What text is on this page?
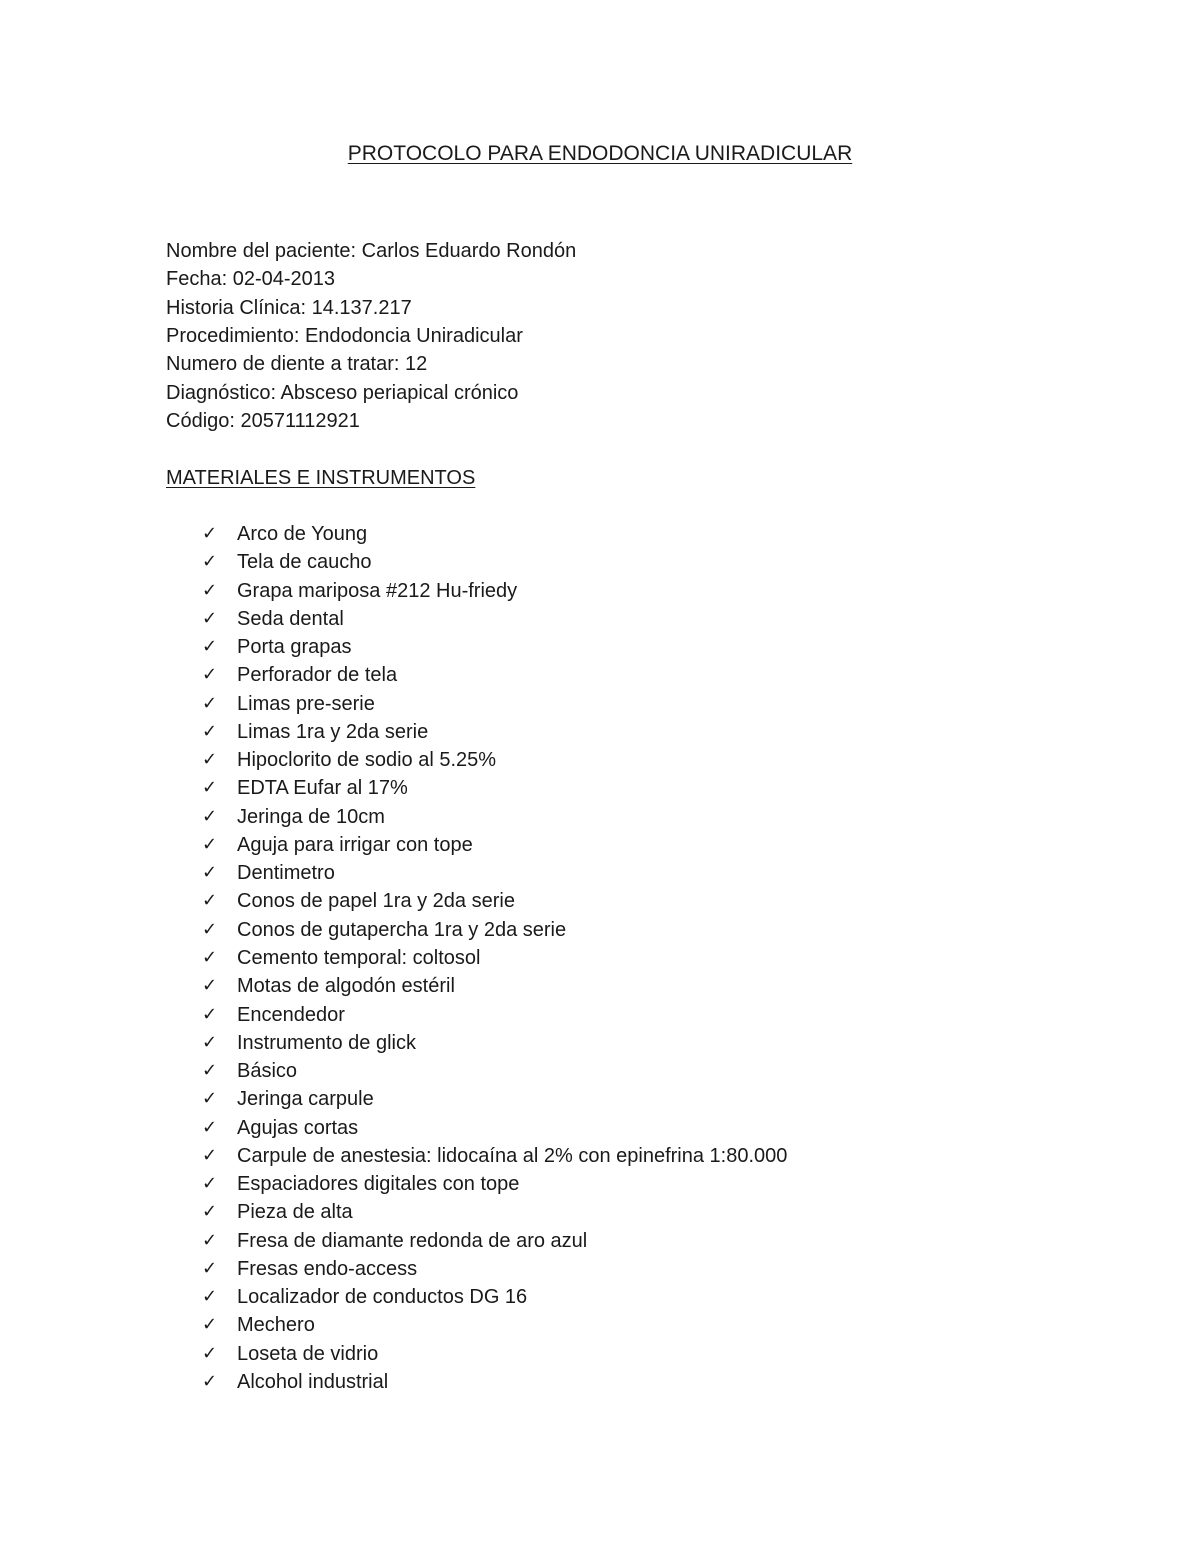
PROTOCOLO PARA ENDODONCIA UNIRADICULAR
Nombre del paciente: Carlos Eduardo Rondón
Fecha: 02-04-2013
Historia Clínica: 14.137.217
Procedimiento: Endodoncia Uniradicular
Numero de diente a tratar: 12
Diagnóstico: Absceso periapical crónico
Código: 20571112921
MATERIALES E INSTRUMENTOS
✓ Arco de Young
✓ Tela de caucho
✓ Grapa mariposa #212 Hu-friedy
✓ Seda dental
✓ Porta grapas
✓ Perforador de tela
✓ Limas pre-serie
✓ Limas 1ra y 2da serie
✓ Hipoclorito de sodio al 5.25%
✓ EDTA Eufar al 17%
✓ Jeringa de 10cm
✓ Aguja para irrigar con tope
✓ Dentimetro
✓ Conos de papel 1ra y 2da serie
✓ Conos de gutapercha 1ra y 2da serie
✓ Cemento temporal: coltosol
✓ Motas de algodón estéril
✓ Encendedor
✓ Instrumento de glick
✓ Básico
✓ Jeringa carpule
✓ Agujas cortas
✓ Carpule de anestesia: lidocaína al 2% con epinefrina 1:80.000
✓ Espaciadores digitales con tope
✓ Pieza de alta
✓ Fresa de diamante redonda de aro azul
✓ Fresas endo-access
✓ Localizador de conductos DG 16
✓ Mechero
✓ Loseta de vidrio
✓ Alcohol industrial
